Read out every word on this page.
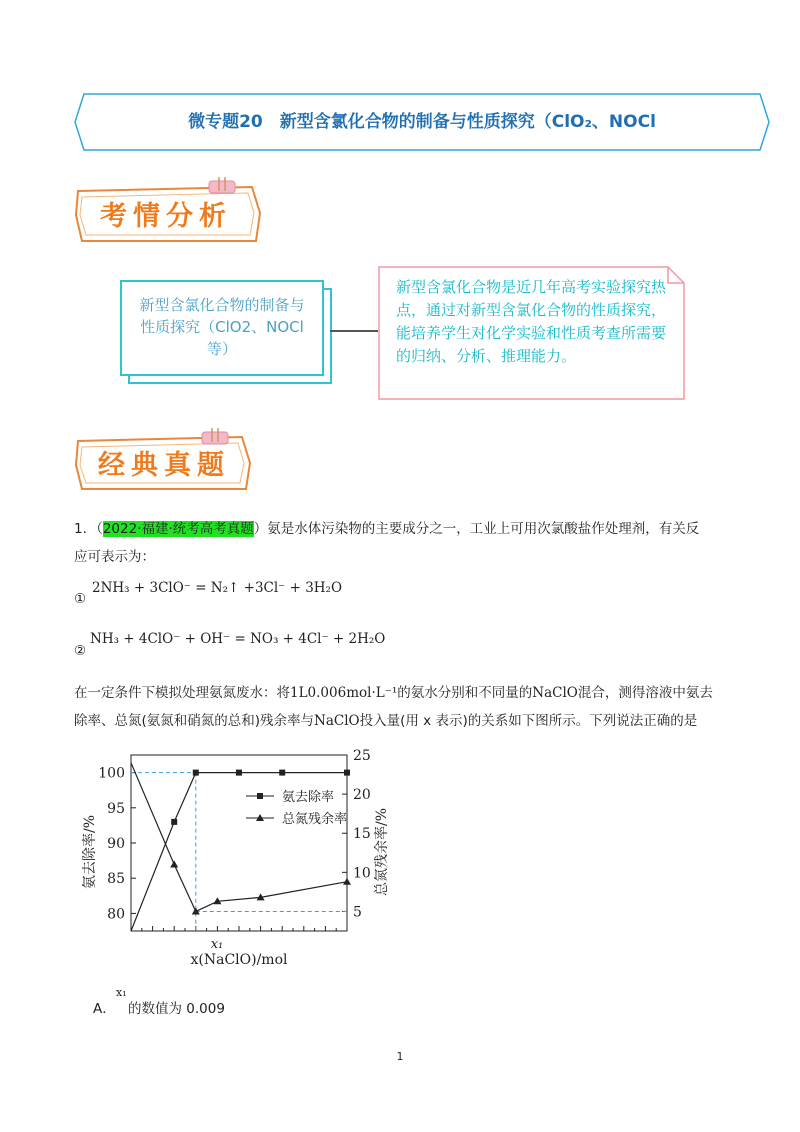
微专题20　新型含氯化合物的制备与性质探究（ClO₂、NOCl
考情分析
新型含氯化合物的制备与性质探究（ClO2、NOCl等）
新型含氯化合物是近几年高考实验探究热点，通过对新型含氯化合物的性质探究，能培养学生对化学实验和性质考查所需要的归纳、分析、推理能力。
经典真题
1．（2022·福建·统考高考真题）氨是水体污染物的主要成分之一，工业上可用次氯酸盐作处理剂，有关反
应可表示为：
①
2NH₃ + 3ClO⁻ = N₂↑ +3Cl⁻ + 3H₂O
②
NH₃ + 4ClO⁻ + OH⁻ = NO₃ + 4Cl⁻ + 2H₂O
在一定条件下模拟处理氨氮废水：将1L0.006mol·L⁻¹的氨水分别和不同量的NaClO混合，测得溶液中氨去
除率、总氮(氨氮和硝氮的总和)残余率与NaClO投入量(用 x 表示)的关系如下图所示。下列说法正确的是
100
95
90
85
80
25
20
15
10
5
氨去除率/%	总氮残余率/%
x₁
x(NaClO)/mol
氨去除率
总氮残余率
A．
x₁
的数值为 0.009
1
